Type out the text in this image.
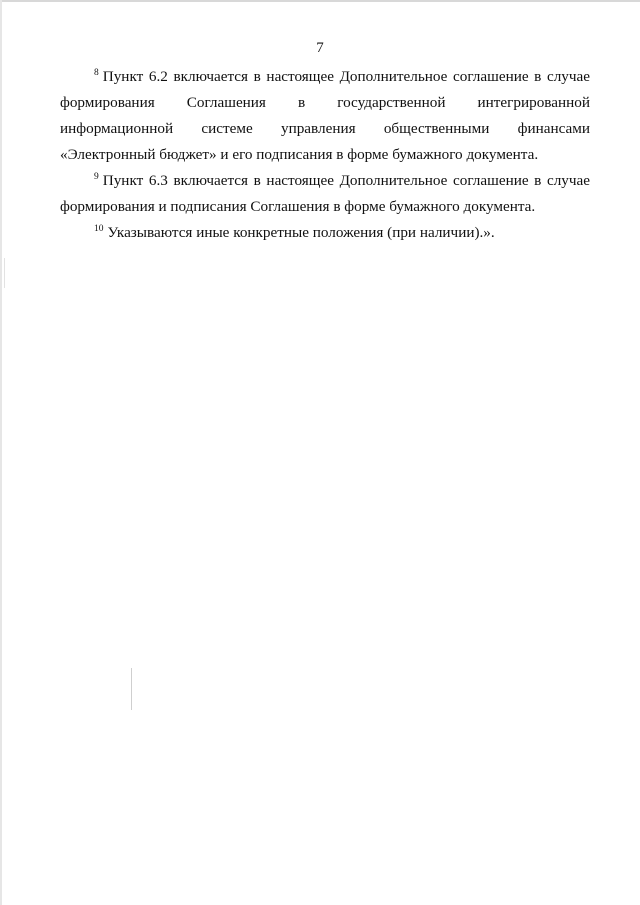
7

$^8$ Пункт 6.2 включается в настоящее Дополнительное соглашение в случае формирования Соглашения в государственной интегрированной информационной системе управления общественными финансами «Электронный бюджет» и его подписания в форме бумажного документа.

$^9$ Пункт 6.3 включается в настоящее Дополнительное соглашение в случае формирования и подписания Соглашения в форме бумажного документа.

$^{10}$ Указываются иные конкретные положения (при наличии).».
